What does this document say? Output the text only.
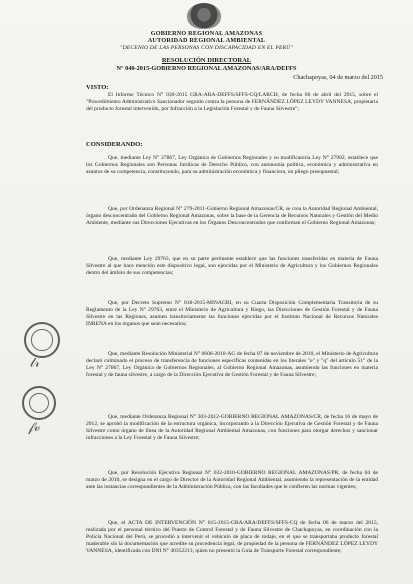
GOBIERNO REGIONAL AMAZONAS
AUTORIDAD REGIONAL AMBIENTAL
"DECENIO DE LAS PERSONAS CON DISCAPACIDAD EN EL PERÚ"
RESOLUCIÓN DIRECTORAL
N° 040-2015-GOBIERNO REGIONAL AMAZONAS/ARA/DEFFS
Chachapoyas, 04 de marzo del 2015
VISTO:
El Informe Técnico N° 030-2015 GRA-ARA-DEFFS/SFFS-CQ/LARCH, de fecha 06 de abril del 2015, sobre el "Procedimiento Administrativo Sancionador seguido contra la persona de FERNÁNDEZ LÓPEZ LEYDY VANNESA, propietaria del producto forestal intervenido, por Infracción a la Legislación Forestal y de Fauna Silvestre";
CONSIDERANDO:
Que, mediante Ley N° 27867, Ley Orgánica de Gobiernos Regionales y su modificatoria Ley N° 27902, establece que los Gobiernos Regionales son Personas Jurídicas de Derecho Público, con autonomía política, económica y administrativa en asuntos de su competencia, constituyendo, para su administración económica y financiera, un pliego presupuestal;
Que, por Ordenanza Regional N° 279-2011-Gobierno Regional Amazonas/CR, se crea la Autoridad Regional Ambiental, órgano desconcentrado del Gobierno Regional Amazonas, sobre la base de la Gerencia de Recursos Naturales y Gestión del Medio Ambiente, mediante sus Direcciones Ejecutivas en los Órganos Desconcentrados que conforman el Gobierno Regional Amazonas;
Que, mediante Ley 29763, que en su parte pertinente establece que las funciones transferidas en materia de Fauna Silvestre al que hace mención este dispositivo legal, son ejercidas por el Ministerio de Agricultura y los Gobiernos Regionales dentro del ámbito de sus competencias;
Que, por Decreto Supremo N° 018-2015-MINAGRI, en su Cuarta Disposición Complementaria Transitoria de su Reglamento de la Ley N° 29763, entre el Ministerio de Agricultura y Riego, las Direcciones de Gestión Forestal y de Fauna Silvestre en las Regiones, asumen transitoriamente las funciones ejercidas por el Instituto Nacional de Recursos Naturales INRENA en los órganos que sean necesarios;
Que, mediante Resolución Ministerial N° 0606-2010-AG de fecha 07 de noviembre de 2010, el Ministerio de Agricultura declaró culminado el proceso de transferencia de funciones específicas contenidas en los literales "e" y "q" del artículo 51° de la Ley N° 27867, Ley Orgánica de Gobiernos Regionales, al Gobierno Regional Amazonas, asumiendo las funciones en materia forestal y de fauna silvestre, a cargo de la Dirección Ejecutiva de Gestión Forestal y de Fauna Silvestre;
Que, mediante Ordenanza Regional N° 303-2012-GOBIERNO REGIONAL AMAZONAS/CR, de fecha 16 de mayo de 2012, se aprobó la modificación de la estructura orgánica, incorporando a la Dirección Ejecutiva de Gestión Forestal y de Fauna Silvestre como órgano de línea de la Autoridad Regional Ambiental Amazonas, con funciones para otorgar derechos y sancionar infracciones a la Ley Forestal y de Fauna Silvestre;
Que, por Resolución Ejecutiva Regional N° 032-2010-GOBIERNO REGIONAL AMAZONAS/PR, de fecha 04 de marzo de 2010, se designa en el cargo de Director de la Autoridad Regional Ambiental, asumiendo la representación de la entidad ante las instancias correspondientes de la Administración Pública, con las facultades que le confieren las normas vigentes;
Que, el ACTA DE INTERVENCIÓN N° 015-2015-GRA/ARA/DEFFS/SFFS-CQ de fecha 06 de marzo del 2015, realizada por el personal técnico del Puesto de Control Forestal y de Fauna Silvestre de Chachapoyas, en coordinación con la Policía Nacional del Perú, se procedió a intervenir el vehículo de placa de rodaje, en el que se transportaba producto forestal maderable sin la documentación que acredite su procedencia legal, de propiedad de la persona de FERNÁNDEZ LÓPEZ LEYDY VANNESA, identificada con DNI N° 40352213, quien no presentó la Guía de Transporte Forestal correspondiente;
𝓁𝓇
𝒻𝓋
